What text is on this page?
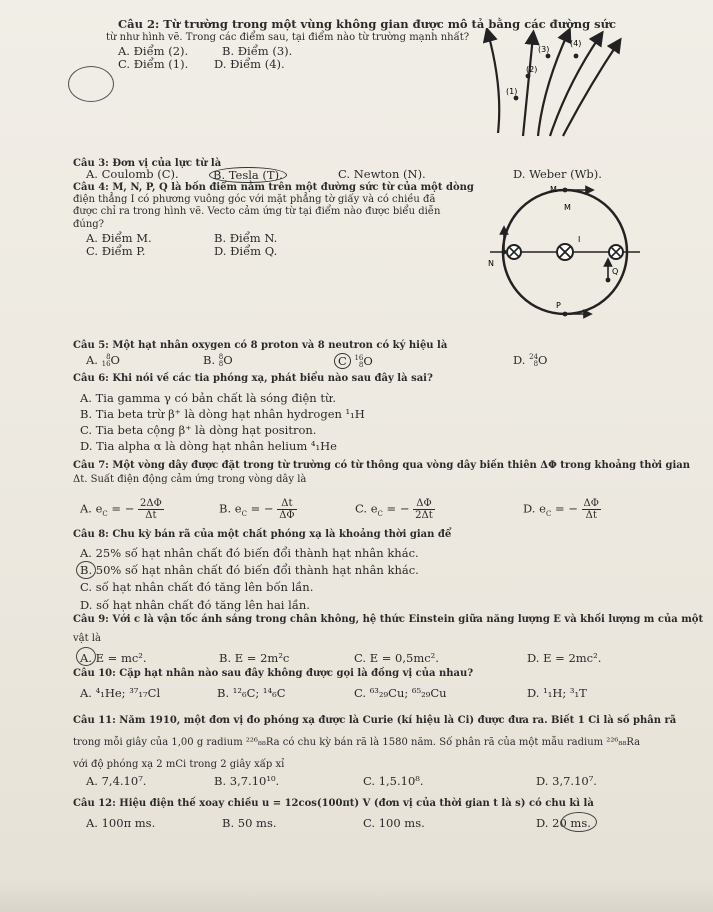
Câu 2: Từ trường trong một vùng không gian được mô tả bằng các đường sức
từ như hình vẽ. Trong các điểm sau, tại điểm nào từ trường mạnh nhất?
A. Điểm (2).	B. Điểm (3).
C. Điểm (1). D. Điểm (4).
(1)
(2)
(3)
(4)
Câu 3: Đơn vị của lực từ là
A. Coulomb (C).	B. Tesla (T).	C. Newton (N).	D. Weber (Wb).
Câu 4: M, N, P, Q là bốn điểm nằm trên một đường sức từ của một dòng
điện thẳng I có phương vuông góc với mặt phẳng tờ giấy và có chiều đã
được chỉ ra trong hình vẽ. Vecto cảm ứng từ tại điểm nào được biểu diễn
đúng?
A. Điểm M.	B. Điểm N.
C. Điểm P.	D. Điểm Q.
M
M
N
Q
P
I
Câu 5: Một hạt nhân oxygen có 8 proton và 8 neutron có ký hiệu là
A. 8
16O	B. 8
8O	C 16
8O	D. 24
8O
Câu 6: Khi nói về các tia phóng xạ, phát biểu nào sau đây là sai?
A. Tia gamma γ có bản chất là sóng điện từ.
B. Tia beta trừ β⁺ là dòng hạt nhân hydrogen ¹₁H
C. Tia beta cộng β⁺ là dòng hạt positron.
D. Tia alpha α là dòng hạt nhân helium ⁴₁He
Câu 7: Một vòng dây được đặt trong từ trường có từ thông qua vòng dây biến thiên ΔΦ trong khoảng thời gian
Δt. Suất điện động cảm ứng trong vòng dây là
A. $e_C$ = − $\frac{2\Delta\Phi}{\Delta t}$	B. $e_C$ = − $\frac{\Delta t}{\Delta\Phi}$	C. $e_C$ = − $\frac{\Delta\Phi}{2\Delta t}$	D. $e_C$ = − $\frac{\Delta\Phi}{\Delta t}$
Câu 8: Chu kỳ bán rã của một chất phóng xạ là khoảng thời gian để
A. 25% số hạt nhân chất đó biến đổi thành hạt nhân khác.
B. 50% số hạt nhân chất đó biến đổi thành hạt nhân khác.
C. số hạt nhân chất đó tăng lên bốn lần.
D. số hạt nhân chất đó tăng lên hai lần.
Câu 9: Với c là vận tốc ánh sáng trong chân không, hệ thức Einstein giữa năng lượng E và khối lượng m của một
vật là
A. E = mc².	B. E = 2m²c	C. E = 0,5mc².	D. E = 2mc².
Câu 10: Cặp hạt nhân nào sau đây không được gọi là đồng vị của nhau?
A. ⁴₁He; ³⁷₁₇Cl	B. ¹²₆C; ¹⁴₆C	C. ⁶³₂₉Cu; ⁶⁵₂₉Cu	D. ¹₁H; ³₁T
Câu 11: Năm 1910, một đơn vị đo phóng xạ được là Curie (kí hiệu là Ci) được đưa ra. Biết 1 Ci là số phân rã
trong mỗi giây của 1,00 g radium ²²⁶₈₈Ra có chu kỳ bán rã là 1580 năm. Số phân rã của một mẫu radium ²²⁶₈₈Ra
với độ phóng xạ 2 mCi trong 2 giây xấp xỉ
A. 7,4.10⁷.	B. 3,7.10¹⁰.	C. 1,5.10⁸.	D. 3,7.10⁷.
Câu 12: Hiệu điện thế xoay chiều u = 12cos(100πt) V (đơn vị của thời gian t là s) có chu kì là
A. 100π ms.	B. 50 ms.	C. 100 ms.	D. 20 ms.
